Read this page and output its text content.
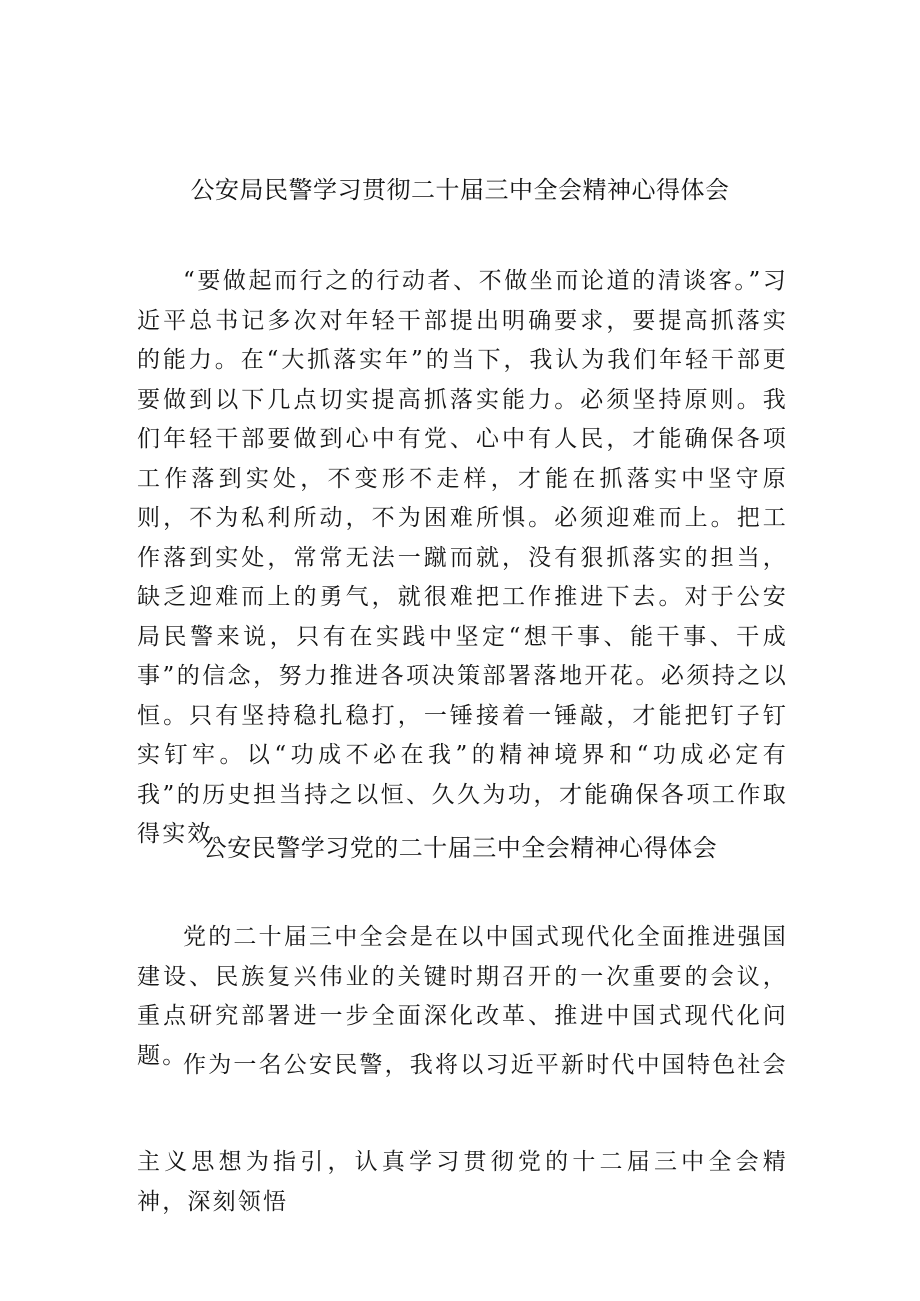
公安局民警学习贯彻二十届三中全会精神心得体会

“要做起而行之的行动者、不做坐而论道的清谈客。”习近平总书记多次对年轻干部提出明确要求，要提高抓落实的能力。在“大抓落实年”的当下，我认为我们年轻干部更要做到以下几点切实提高抓落实能力。必须坚持原则。我们年轻干部要做到心中有党、心中有人民，才能确保各项工作落到实处，不变形不走样，才能在抓落实中坚守原则，不为私利所动，不为困难所惧。必须迎难而上。把工作落到实处，常常无法一蹴而就，没有狠抓落实的担当，缺乏迎难而上的勇气，就很难把工作推进下去。对于公安局民警来说，只有在实践中坚定“想干事、能干事、干成事”的信念，努力推进各项决策部署落地开花。必须持之以恒。只有坚持稳扎稳打，一锤接着一锤敲，才能把钉子钉实钉牢。以“功成不必在我”的精神境界和“功成必定有我”的历史担当持之以恒、久久为功，才能确保各项工作取得实效。

公安民警学习党的二十届三中全会精神心得体会

党的二十届三中全会是在以中国式现代化全面推进强国建设、民族复兴伟业的关键时期召开的一次重要的会议，重点研究部署进一步全面深化改革、推进中国式现代化问题。

作为一名公安民警，我将以习近平新时代中国特色社会

主义思想为指引，认真学习贯彻党的十二届三中全会精神，深刻领悟
